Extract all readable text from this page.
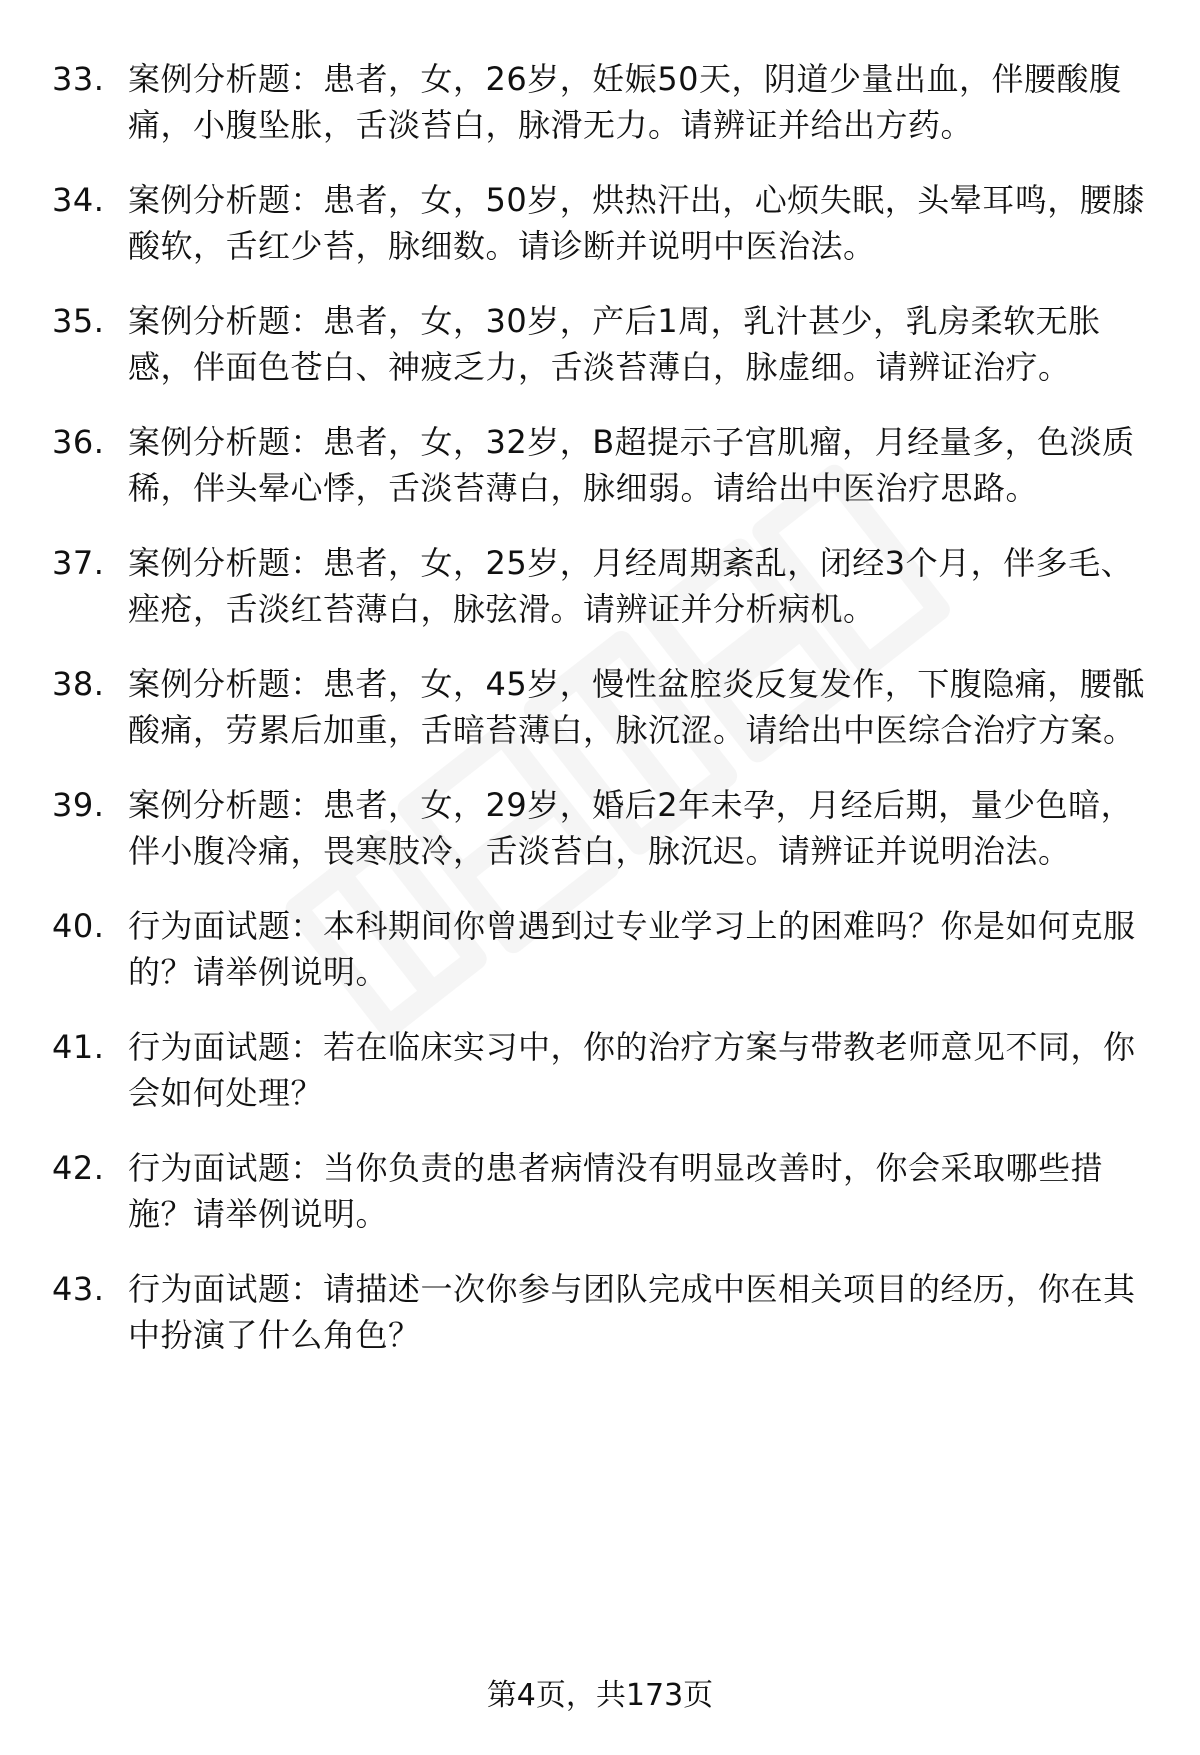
33. 案例分析题：患者，女，26岁，妊娠50天，阴道少量出血，伴腰酸腹痛，小腹坠胀，舌淡苔白，脉滑无力。请辨证并给出方药。
34. 案例分析题：患者，女，50岁，烘热汗出，心烦失眠，头晕耳鸣，腰膝酸软，舌红少苔，脉细数。请诊断并说明中医治法。
35. 案例分析题：患者，女，30岁，产后1周，乳汁甚少，乳房柔软无胀感，伴面色苍白、神疲乏力，舌淡苔薄白，脉虚细。请辨证治疗。
36. 案例分析题：患者，女，32岁，B超提示子宫肌瘤，月经量多，色淡质稀，伴头晕心悸，舌淡苔薄白，脉细弱。请给出中医治疗思路。
37. 案例分析题：患者，女，25岁，月经周期紊乱，闭经3个月，伴多毛、痤疮，舌淡红苔薄白，脉弦滑。请辨证并分析病机。
38. 案例分析题：患者，女，45岁，慢性盆腔炎反复发作，下腹隐痛，腰骶酸痛，劳累后加重，舌暗苔薄白，脉沉涩。请给出中医综合治疗方案。
39. 案例分析题：患者，女，29岁，婚后2年未孕，月经后期，量少色暗，伴小腹冷痛，畏寒肢冷，舌淡苔白，脉沉迟。请辨证并说明治法。
40. 行为面试题：本科期间你曾遇到过专业学习上的困难吗？你是如何克服的？请举例说明。
41. 行为面试题：若在临床实习中，你的治疗方案与带教老师意见不同，你会如何处理？
42. 行为面试题：当你负责的患者病情没有明显改善时，你会采取哪些措施？请举例说明。
43. 行为面试题：请描述一次你参与团队完成中医相关项目的经历，你在其中扮演了什么角色？
第4页，共173页
